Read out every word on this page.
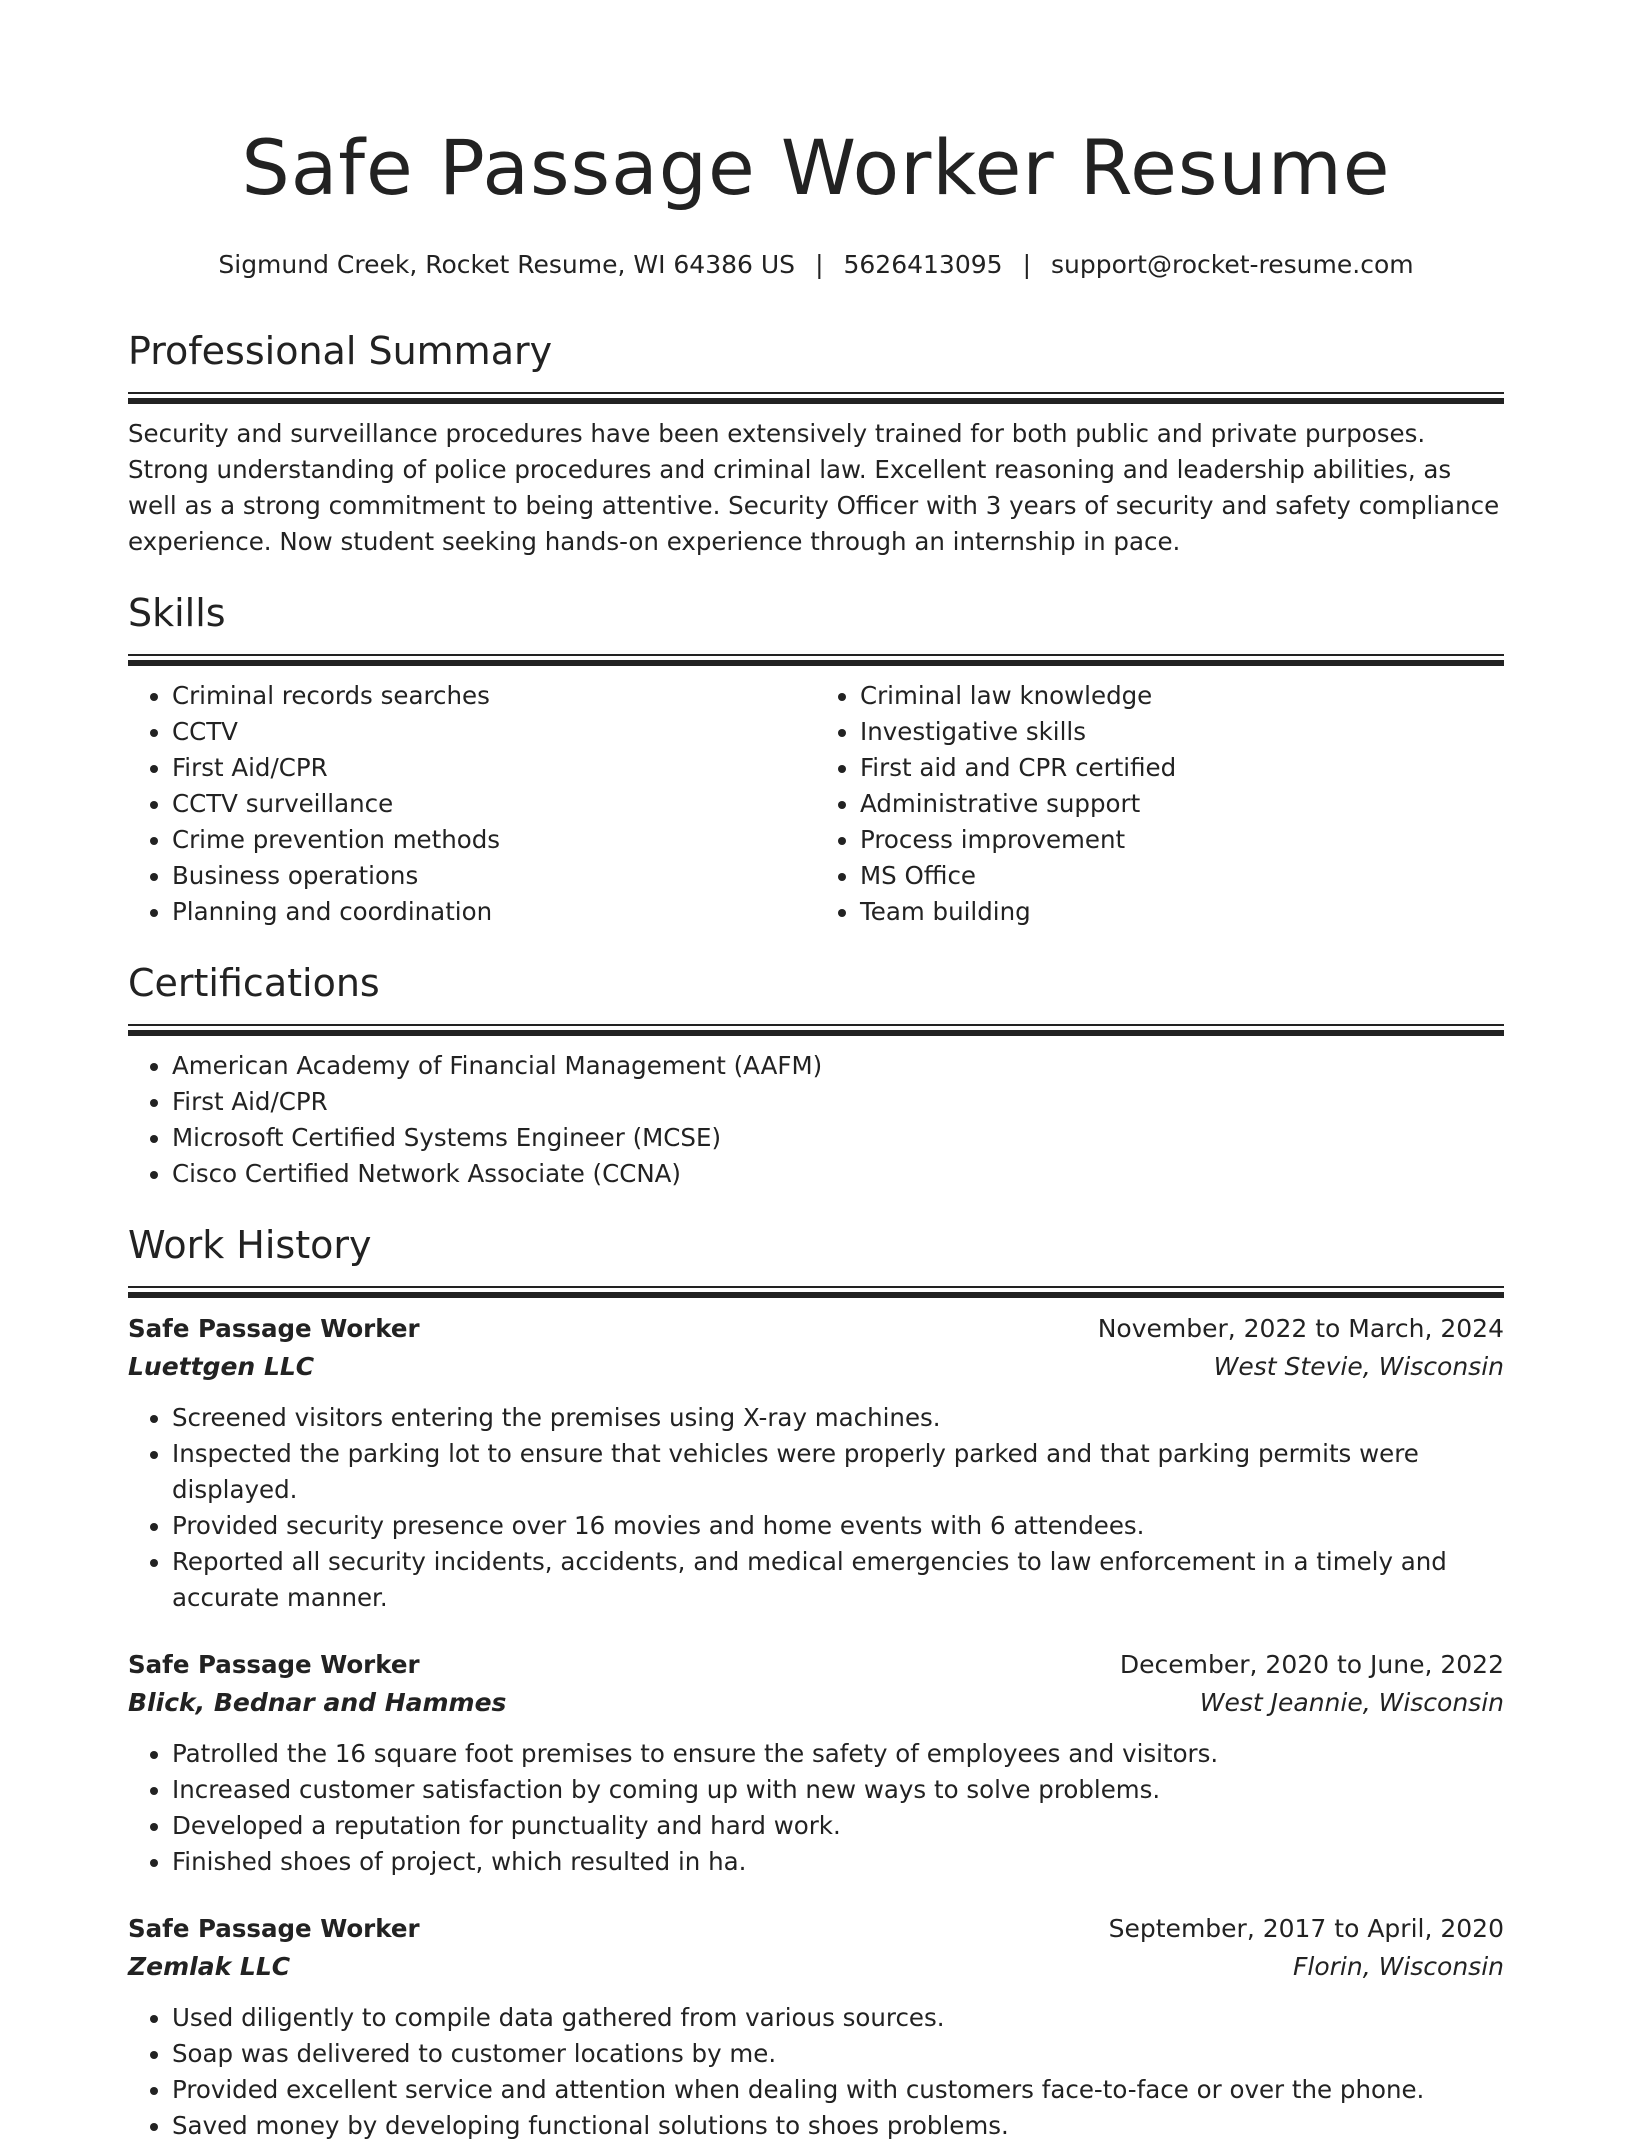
Safe Passage Worker Resume
Sigmund Creek, Rocket Resume, WI 64386 US | 5626413095 | support@rocket-resume.com
Professional Summary

Security and surveillance procedures have been extensively trained for both public and private purposes. Strong understanding of police procedures and criminal law. Excellent reasoning and leadership abilities, as well as a strong commitment to being attentive. Security Officer with 3 years of security and safety compliance experience. Now student seeking hands-on experience through an internship in pace.

Skills
• Criminal records searches
• CCTV
• First Aid/CPR
• CCTV surveillance
• Crime prevention methods
• Business operations
• Planning and coordination
• Criminal law knowledge
• Investigative skills
• First aid and CPR certified
• Administrative support
• Process improvement
• MS Office
• Team building
Certifications
• American Academy of Financial Management (AAFM)
• First Aid/CPR
• Microsoft Certified Systems Engineer (MCSE)
• Cisco Certified Network Associate (CCNA)
Work History
Safe Passage Worker	November, 2022 to March, 2024
Luettgen LLC	West Stevie, Wisconsin
• Screened visitors entering the premises using X-ray machines.
• Inspected the parking lot to ensure that vehicles were properly parked and that parking permits were displayed.
• Provided security presence over 16 movies and home events with 6 attendees.
• Reported all security incidents, accidents, and medical emergencies to law enforcement in a timely and accurate manner.
Safe Passage Worker	December, 2020 to June, 2022
Blick, Bednar and Hammes	West Jeannie, Wisconsin
• Patrolled the 16 square foot premises to ensure the safety of employees and visitors.
• Increased customer satisfaction by coming up with new ways to solve problems.
• Developed a reputation for punctuality and hard work.
• Finished shoes of project, which resulted in ha.
Safe Passage Worker	September, 2017 to April, 2020
Zemlak LLC	Florin, Wisconsin
• Used diligently to compile data gathered from various sources.
• Soap was delivered to customer locations by me.
• Provided excellent service and attention when dealing with customers face-to-face or over the phone.
• Saved money by developing functional solutions to shoes problems.
